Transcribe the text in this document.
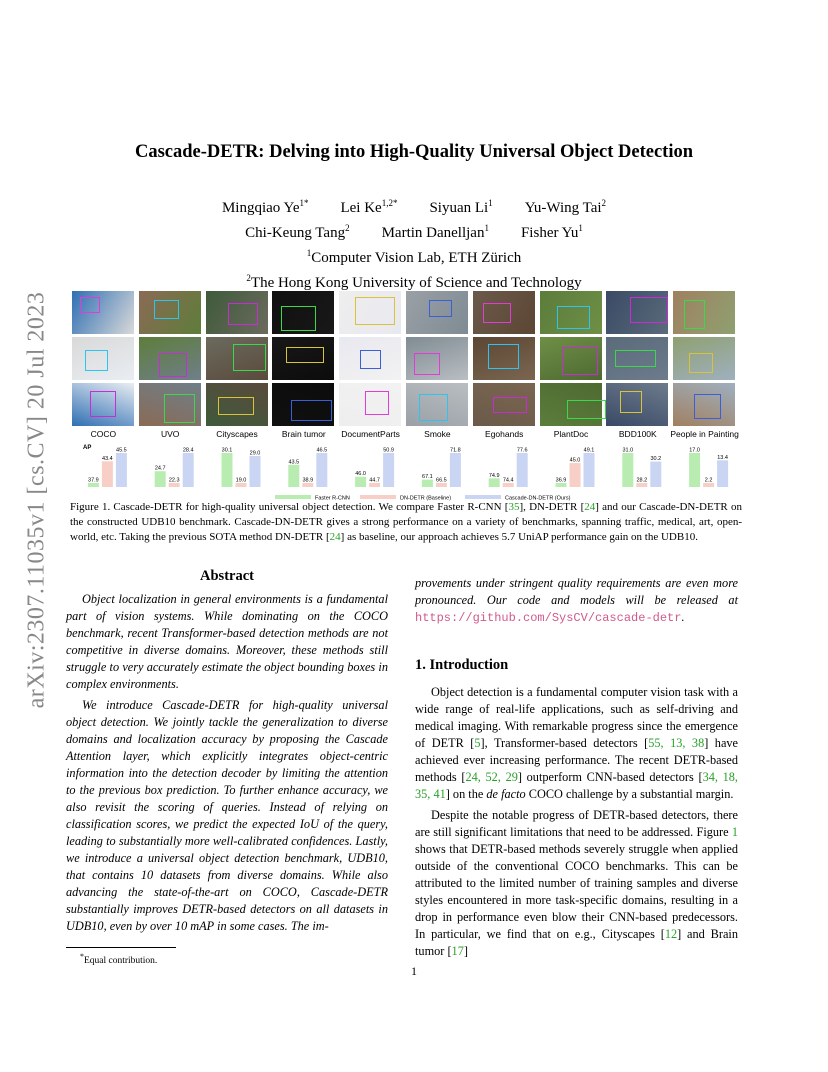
arXiv:2307.11035v1 [cs.CV] 20 Jul 2023
Cascade-DETR: Delving into High-Quality Universal Object Detection
Mingqiao $Ye^{1*}$ Lei $Ke^{1,2*}$ Siyuan Li$^1$ Yu-Wing Tai$^2$
Chi-Keung Tang$^2$ Martin Danelljan$^1$ Fisher Yu$^1$
$^1$Computer Vision Lab, ETH Zürich
$^2$The Hong Kong University of Science and Technology
COCO	UVO	Cityscapes	Brain tumor	DocumentParts	Smoke	Egohands	PlantDoc	BDD100K	People in Painting
AP
37.9
43.4
45.5
24.7
22.3
28.4	30.1
19.0
29.0
43.5
38.9
46.5
46.0
44.7
50.9
67.1
66.5
71.8
74.9
74.4
77.6
36.9
45.0
49.1	31.0
28.2
30.2
17.0
2.2
13.4
Faster R-CNN	DN-DETR (Baseline)	Cascade-DN-DETR (Ours)
Figure 1. Cascade-DETR for high-quality universal object detection. We compare Faster R-CNN [35], DN-DETR [24] and our Cascade-DN-DETR on the constructed UDB10 benchmark. Cascade-DN-DETR gives a strong performance on a variety of benchmarks, spanning traffic, medical, art, open-world, etc. Taking the previous SOTA method DN-DETR [24] as baseline, our approach achieves 5.7 UniAP performance gain on the UDB10.
Abstract

Object localization in general environments is a fundamental part of vision systems. While dominating on the COCO benchmark, recent Transformer-based detection methods are not competitive in diverse domains. Moreover, these methods still struggle to very accurately estimate the object bounding boxes in complex environments.

We introduce Cascade-DETR for high-quality universal object detection. We jointly tackle the generalization to diverse domains and localization accuracy by proposing the Cascade Attention layer, which explicitly integrates object-centric information into the detection decoder by limiting the attention to the previous box prediction. To further enhance accuracy, we also revisit the scoring of queries. Instead of relying on classification scores, we predict the expected IoU of the query, leading to substantially more well-calibrated confidences. Lastly, we introduce a universal object detection benchmark, UDB10, that contains 10 datasets from diverse domains. While also advancing the state-of-the-art on COCO, Cascade-DETR substantially improves DETR-based detectors on all datasets in UDB10, even by over 10 mAP in some cases. The im-

provements under stringent quality requirements are even more pronounced. Our code and models will be released at https://github.com/SysCV/cascade-detr.

1. Introduction

Object detection is a fundamental computer vision task with a wide range of real-life applications, such as self-driving and medical imaging. With remarkable progress since the emergence of DETR [5], Transformer-based detectors [55, 13, 38] have achieved ever increasing performance. The recent DETR-based methods [24, 52, 29] outperform CNN-based detectors [34, 18, 35, 41] on the de facto COCO challenge by a substantial margin.

Despite the notable progress of DETR-based detectors, there are still significant limitations that need to be addressed. Figure 1 shows that DETR-based methods severely struggle when applied outside of the conventional COCO benchmarks. This can be attributed to the limited number of training samples and diverse styles encountered in more task-specific domains, resulting in a drop in performance even blow their CNN-based predecessors. In particular, we find that on e.g., Cityscapes [12] and Brain tumor [17]

*Equal contribution.
1
